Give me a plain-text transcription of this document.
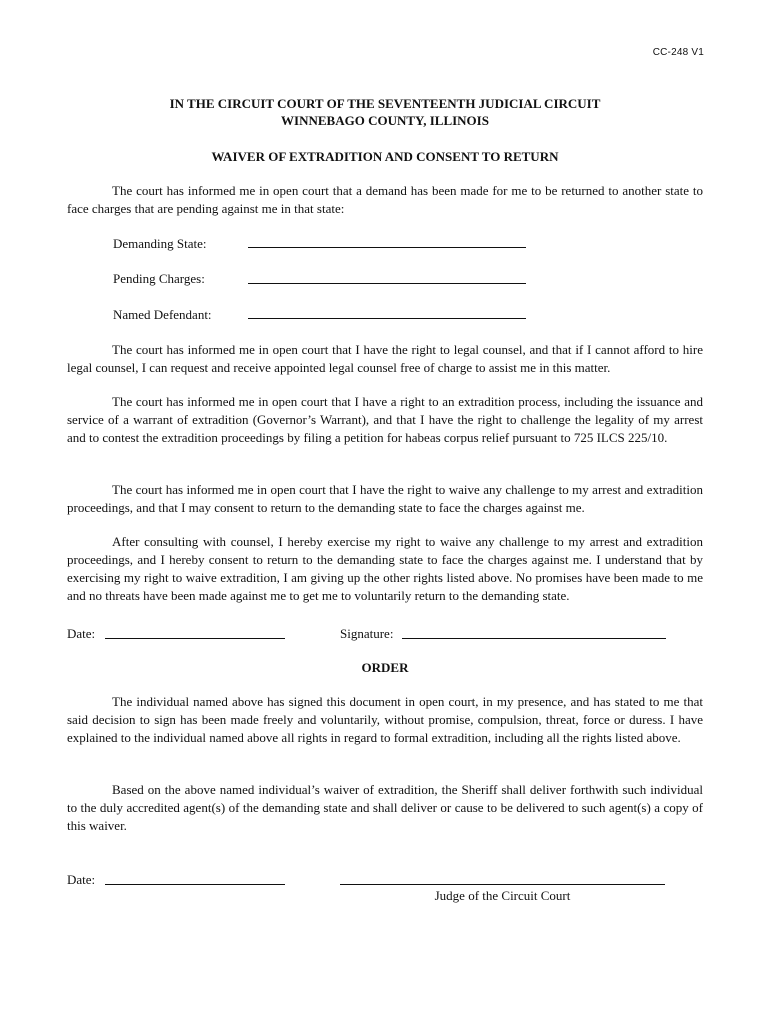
CC-248 V1
IN THE CIRCUIT COURT OF THE SEVENTEENTH JUDICIAL CIRCUIT
WINNEBAGO COUNTY, ILLINOIS
WAIVER OF EXTRADITION AND CONSENT TO RETURN

The court has informed me in open court that a demand has been made for me to be returned to another state to face charges that are pending against me in that state:

Demanding State:
Pending Charges:
Named Defendant:

The court has informed me in open court that I have the right to legal counsel, and that if I cannot afford to hire legal counsel, I can request and receive appointed legal counsel free of charge to assist me in this matter.

The court has informed me in open court that I have a right to an extradition process, including the issuance and service of a warrant of extradition (Governor’s Warrant), and that I have the right to challenge the legality of my arrest and to contest the extradition proceedings by filing a petition for habeas corpus relief pursuant to 725 ILCS 225/10.

The court has informed me in open court that I have the right to waive any challenge to my arrest and extradition proceedings, and that I may consent to return to the demanding state to face the charges against me.

After consulting with counsel, I hereby exercise my right to waive any challenge to my arrest and extradition proceedings, and I hereby consent to return to the demanding state to face the charges against me. I understand that by exercising my right to waive extradition, I am giving up the other rights listed above. No promises have been made to me and no threats have been made against me to get me to voluntarily return to the demanding state.

Date:	Signature:
ORDER

The individual named above has signed this document in open court, in my presence, and has stated to me that said decision to sign has been made freely and voluntarily, without promise, compulsion, threat, force or duress. I have explained to the individual named above all rights in regard to formal extradition, including all the rights listed above.

Based on the above named individual’s waiver of extradition, the Sheriff shall deliver forthwith such individual to the duly accredited agent(s) of the demanding state and shall deliver or cause to be delivered to such agent(s) a copy of this waiver.

Date:
Judge of the Circuit Court
